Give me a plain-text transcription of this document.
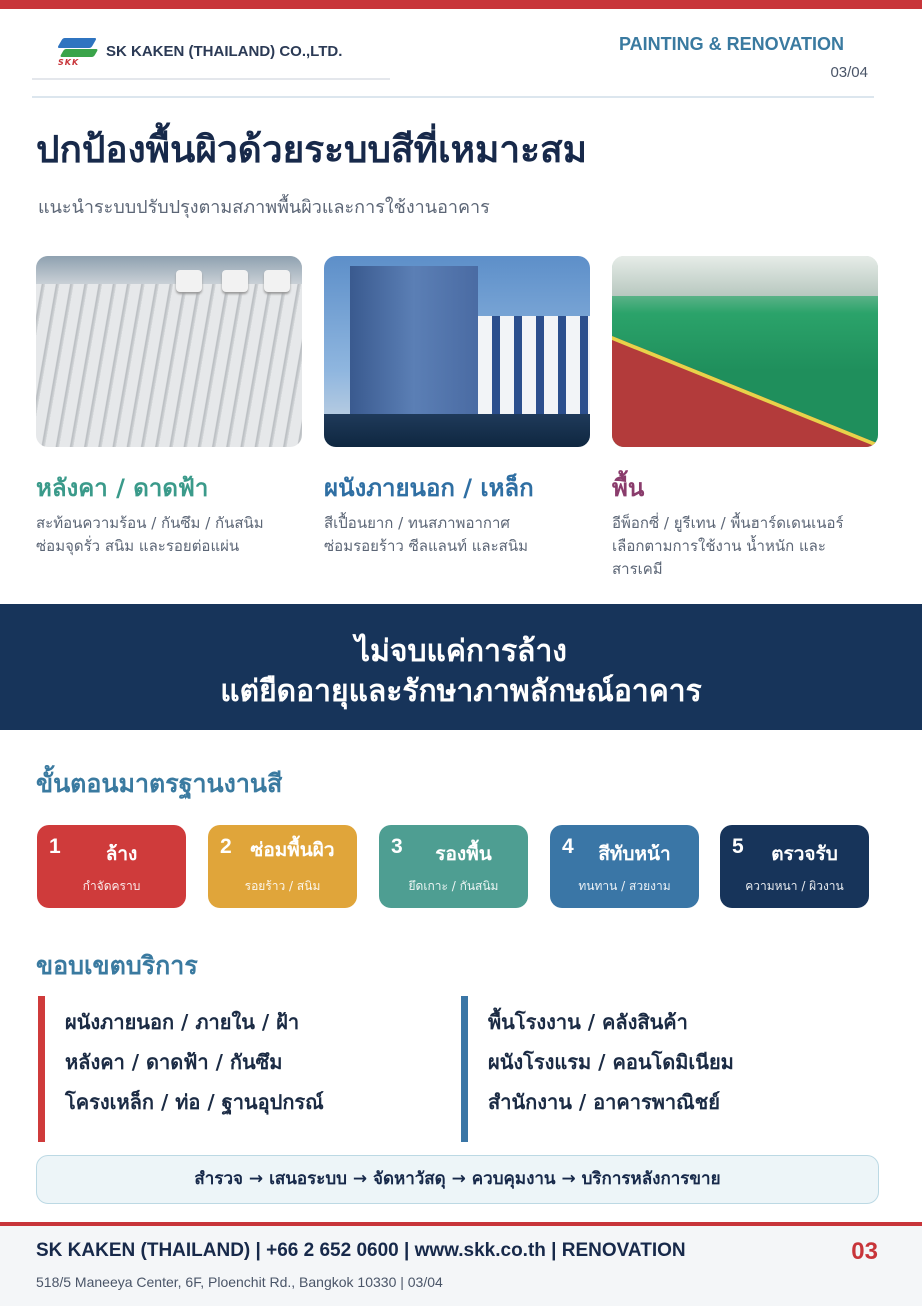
SKK
SK KAKEN (THAILAND) CO.,LTD.	PAINTING & RENOVATION
03/04
ปกป้องพื้นผิวด้วยระบบสีที่เหมาะสม
แนะนำระบบปรับปรุงตามสภาพพื้นผิวและการใช้งานอาคาร
หลังคา / ดาดฟ้า	ผนังภายนอก / เหล็ก	พื้น
สะท้อนความร้อน / กันซึม / กันสนิม
ซ่อมจุดรั่ว สนิม และรอยต่อแผ่น
สีเปื้อนยาก / ทนสภาพอากาศ
ซ่อมรอยร้าว ซีลแลนท์ และสนิม
อีพ็อกซี่ / ยูรีเทน / พื้นฮาร์ดเดนเนอร์
เลือกตามการใช้งาน น้ำหนัก และ
สารเคมี
ไม่จบแค่การล้าง
แต่ยืดอายุและรักษาภาพลักษณ์อาคาร
ขั้นตอนมาตรฐานงานสี
1	ล้าง
กำจัดคราบ
2 ซ่อมพื้นผิว
รอยร้าว / สนิม
3	รองพื้น
ยึดเกาะ / กันสนิม
4	สีทับหน้า
ทนทาน / สวยงาม
5	ตรวจรับ
ความหนา / ผิวงาน
ขอบเขตบริการ
ผนังภายนอก / ภายใน / ฝ้า
หลังคา / ดาดฟ้า / กันซึม
โครงเหล็ก / ท่อ / ฐานอุปกรณ์
พื้นโรงงาน / คลังสินค้า
ผนังโรงแรม / คอนโดมิเนียม
สำนักงาน / อาคารพาณิชย์
สำรวจ → เสนอระบบ → จัดหาวัสดุ → ควบคุมงาน → บริการหลังการขาย
SK KAKEN (THAILAND) | +66 2 652 0600 | www.skk.co.th | RENOVATION
518/5 Maneeya Center, 6F, Ploenchit Rd., Bangkok 10330 | 03/04
03
